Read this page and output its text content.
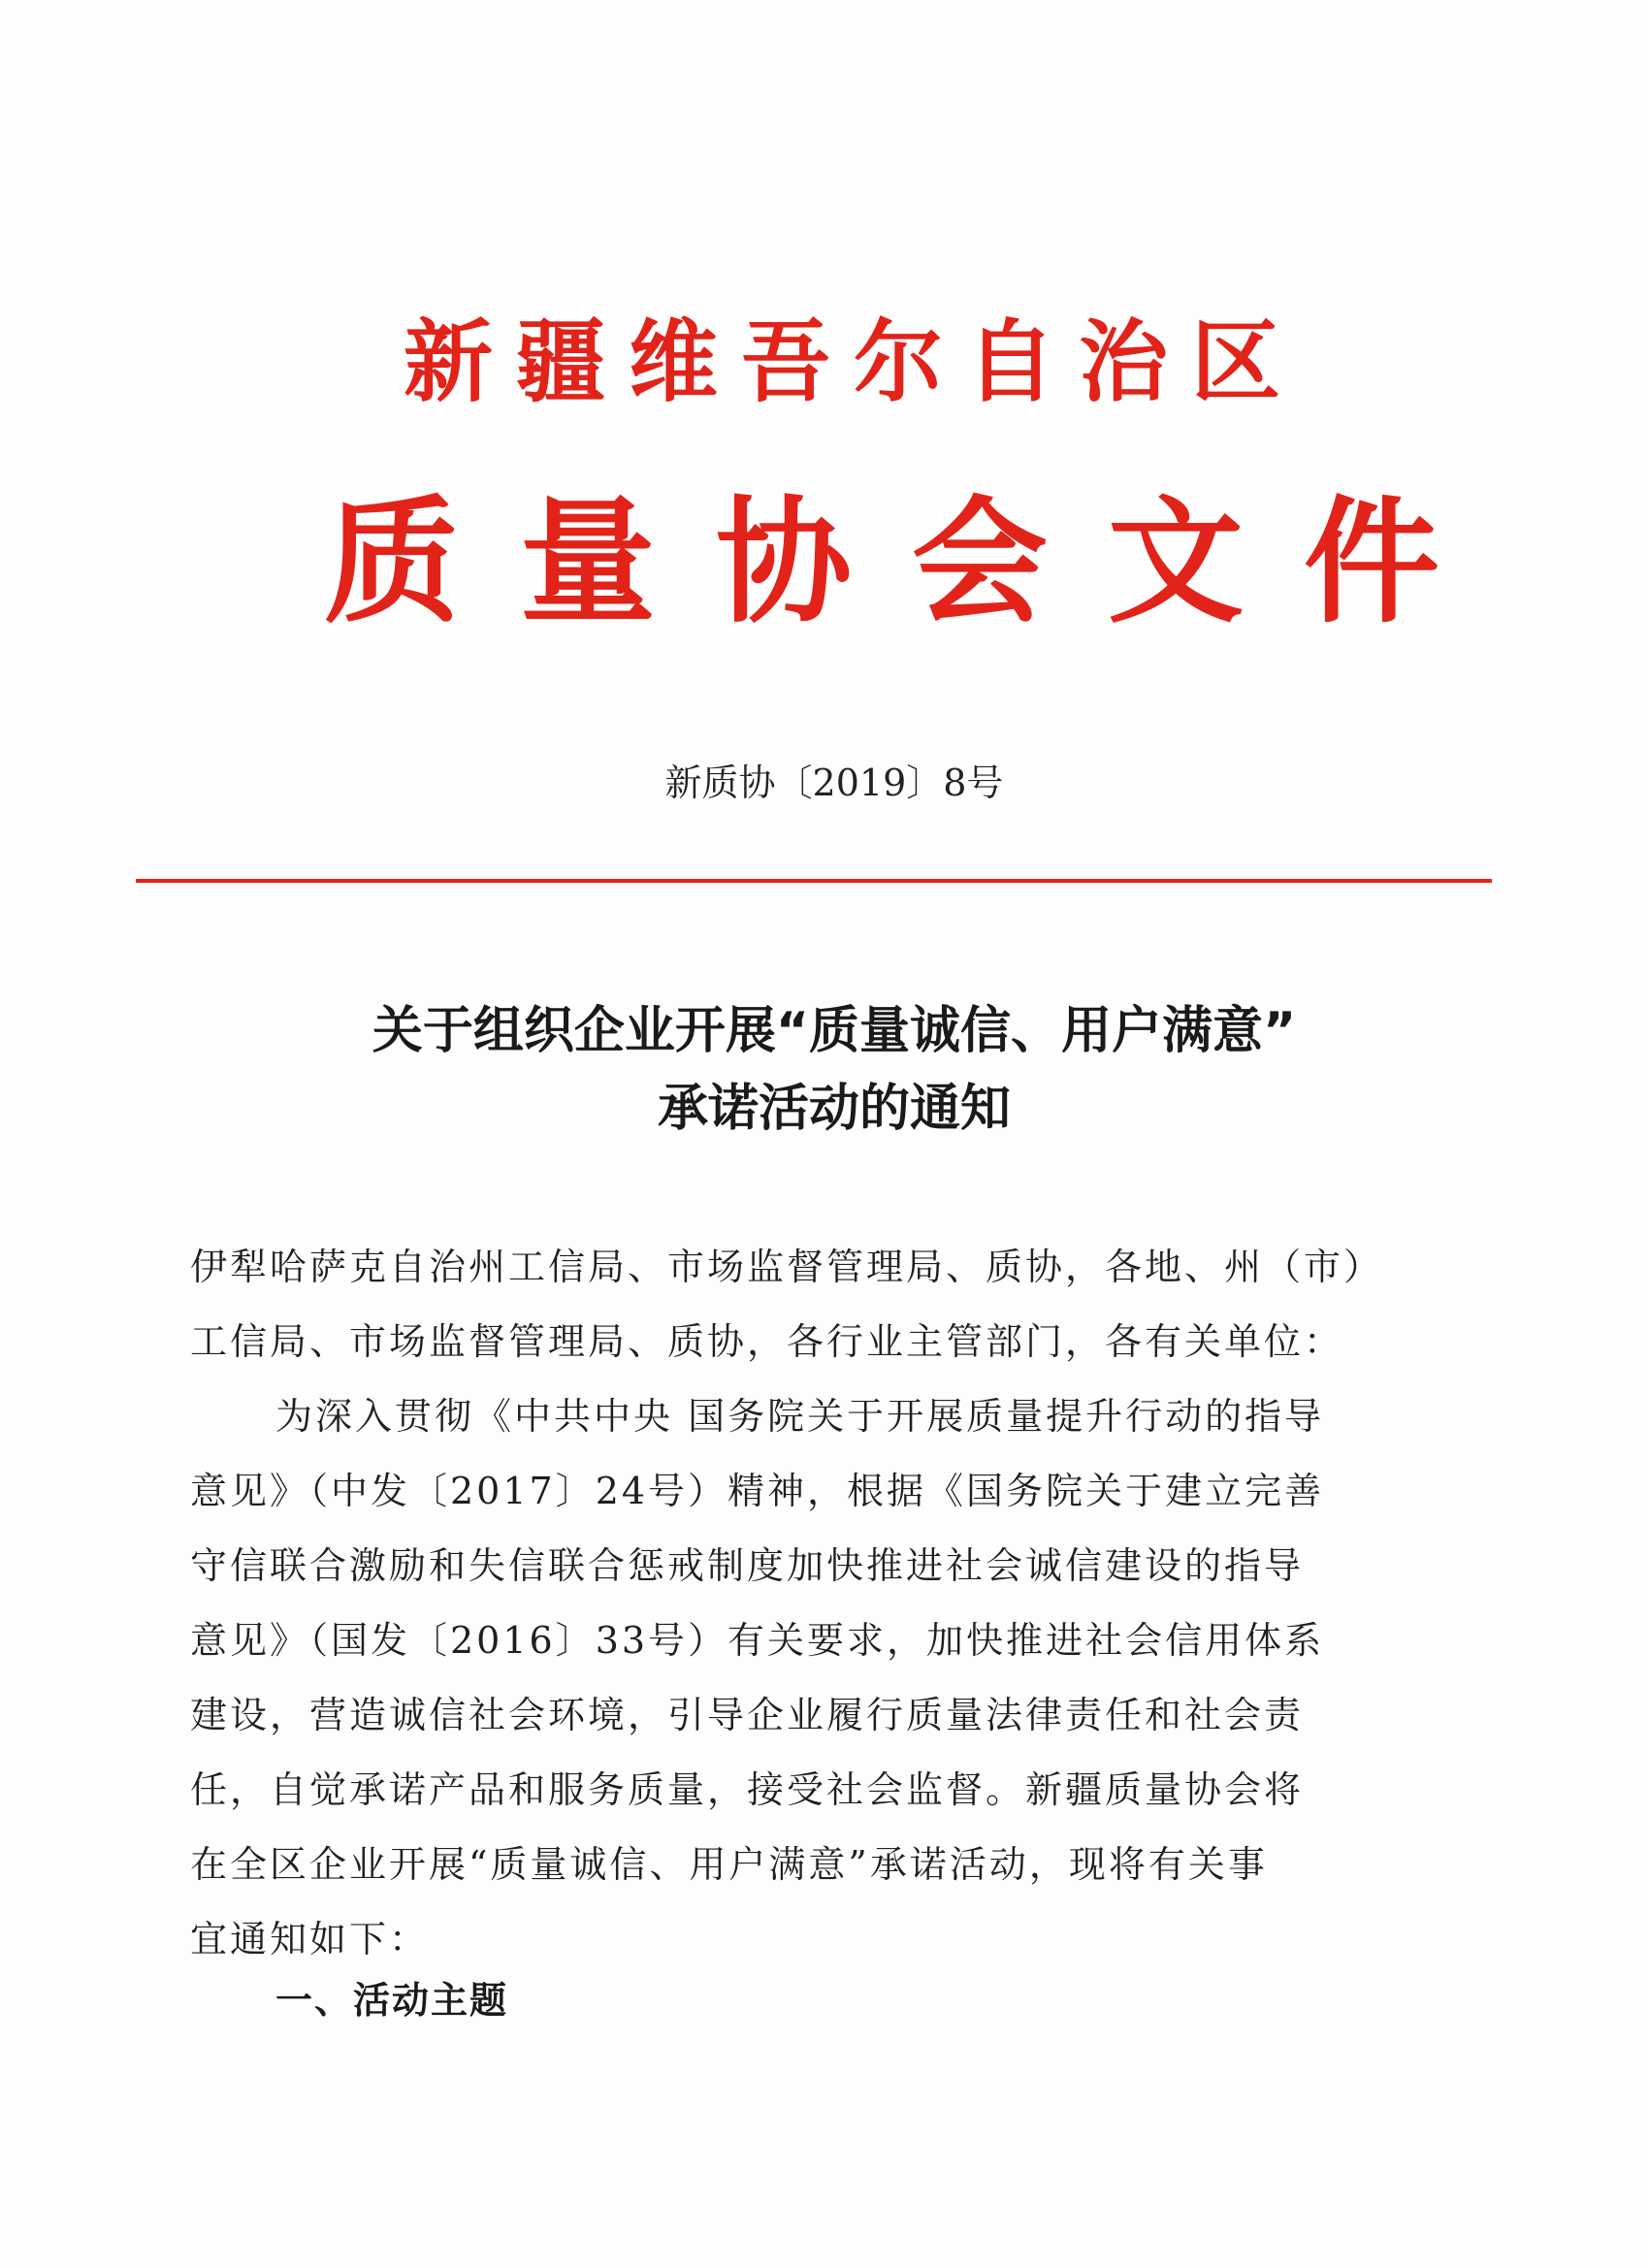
新疆维吾尔自治区
质量协会文件
新质协〔2019〕8号
关于组织企业开展“质量诚信、用户满意”
承诺活动的通知
伊犁哈萨克自治州工信局、市场监督管理局、质协，各地、州（市）
工信局、市场监督管理局、质协，各行业主管部门，各有关单位：
为深入贯彻《中共中央 国务院关于开展质量提升行动的指导
意见》（中发〔2017〕24号）精神，根据《国务院关于建立完善
守信联合激励和失信联合惩戒制度加快推进社会诚信建设的指导
意见》（国发〔2016〕33号）有关要求，加快推进社会信用体系
建设，营造诚信社会环境，引导企业履行质量法律责任和社会责
任，自觉承诺产品和服务质量，接受社会监督。新疆质量协会将
在全区企业开展“质量诚信、用户满意”承诺活动，现将有关事
宜通知如下：
一、活动主题
